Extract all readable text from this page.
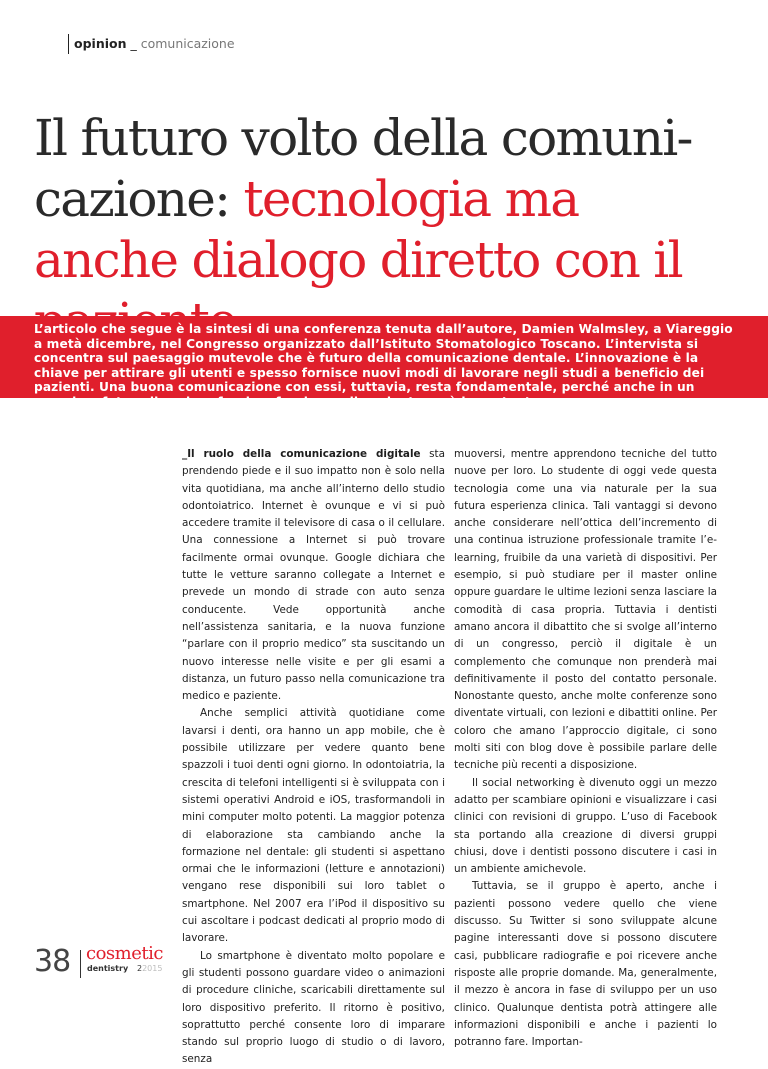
opinion _ comunicazione
Il futuro volto della comuni-cazione: tecnologia ma anche dialogo diretto con il
L’articolo che segue è la sintesi di una conferenza tenuta dall’autore, Damien Walmsley, a Viareggio a metà dicembre, nel Congresso organizzato dall’Istituto Stomatologico Toscano. L’intervista si concentra sul paesaggio mutevole che è futuro della comunicazione dentale. L’innovazione è la chiave per attirare gli utenti e spesso fornisce nuovi modi di lavorare negli studi a beneficio dei pazienti. Una buona comunicazione con essi, tuttavia, resta fondamentale, perché anche in un prossimo futuro il parlare faccia a faccia con il paziente sarà importante.

_Il ruolo della comunicazione digitale sta prendendo piede e il suo impatto non è solo nella vita quotidiana, ma anche all’interno dello studio odontoiatrico. Internet è ovunque e vi si può accedere tramite il televisore di casa o il cellulare. Una connessione a Internet si può trovare facilmente ormai ovunque. Google dichiara che tutte le vetture saranno collegate a Internet e prevede un mondo di strade con auto senza conducente. Vede opportunità anche nell’assistenza sanitaria, e la nuova funzione “parlare con il proprio medico” sta suscitando un nuovo interesse nelle visite e per gli esami a distanza, un futuro passo nella comunicazione tra medico e paziente.

Anche semplici attività quotidiane come lavarsi i denti, ora hanno un app mobile, che è possibile utilizzare per vedere quanto bene spazzoli i tuoi denti ogni giorno. In odontoiatria, la crescita di telefoni intelligenti si è sviluppata con i sistemi operativi Android e iOS, trasformandoli in mini computer molto potenti. La maggior potenza di elaborazione sta cambiando anche la formazione nel dentale: gli studenti si aspettano ormai che le informazioni (letture e annotazioni) vengano rese disponibili sui loro tablet o smartphone. Nel 2007 era l’iPod il dispositivo su cui ascoltare i podcast dedicati al proprio modo di lavorare.

Lo smartphone è diventato molto popolare e gli studenti possono guardare video o animazioni di procedure cliniche, scaricabili direttamente sul loro dispositivo preferito. Il ritorno è positivo, soprattutto perché consente loro di imparare stando sul proprio luogo di studio o di lavoro, senza

muoversi, mentre apprendono tecniche del tutto nuove per loro. Lo studente di oggi vede questa tecnologia come una via naturale per la sua futura esperienza clinica. Tali vantaggi si devono anche considerare nell’ottica dell’incremento di una continua istruzione professionale tramite l’e-learning, fruibile da una varietà di dispositivi. Per esempio, si può studiare per il master online oppure guardare le ultime lezioni senza lasciare la comodità di casa propria. Tuttavia i dentisti amano ancora il dibattito che si svolge all’interno di un congresso, perciò il digitale è un complemento che comunque non prenderà mai definitivamente il posto del contatto personale. Nonostante questo, anche molte conferenze sono diventate virtuali, con lezioni e dibattiti online. Per coloro che amano l’approccio digitale, ci sono molti siti con blog dove è possibile parlare delle tecniche più recenti a disposizione.

Il social networking è divenuto oggi un mezzo adatto per scambiare opinioni e visualizzare i casi clinici con revisioni di gruppo. L’uso di Facebook sta portando alla creazione di diversi gruppi chiusi, dove i dentisti possono discutere i casi in un ambiente amichevole.

Tuttavia, se il gruppo è aperto, anche i pazienti possono vedere quello che viene discusso. Su Twitter si sono sviluppate alcune pagine interessanti dove si possono discutere casi, pubblicare radiografie e poi ricevere anche risposte alle proprie domande. Ma, generalmente, il mezzo è ancora in fase di sviluppo per un uso clinico. Qualunque dentista potrà attingere alle informazioni disponibili e anche i pazienti lo potranno fare. Importan-

38 cosmetic
dentistry 22015
